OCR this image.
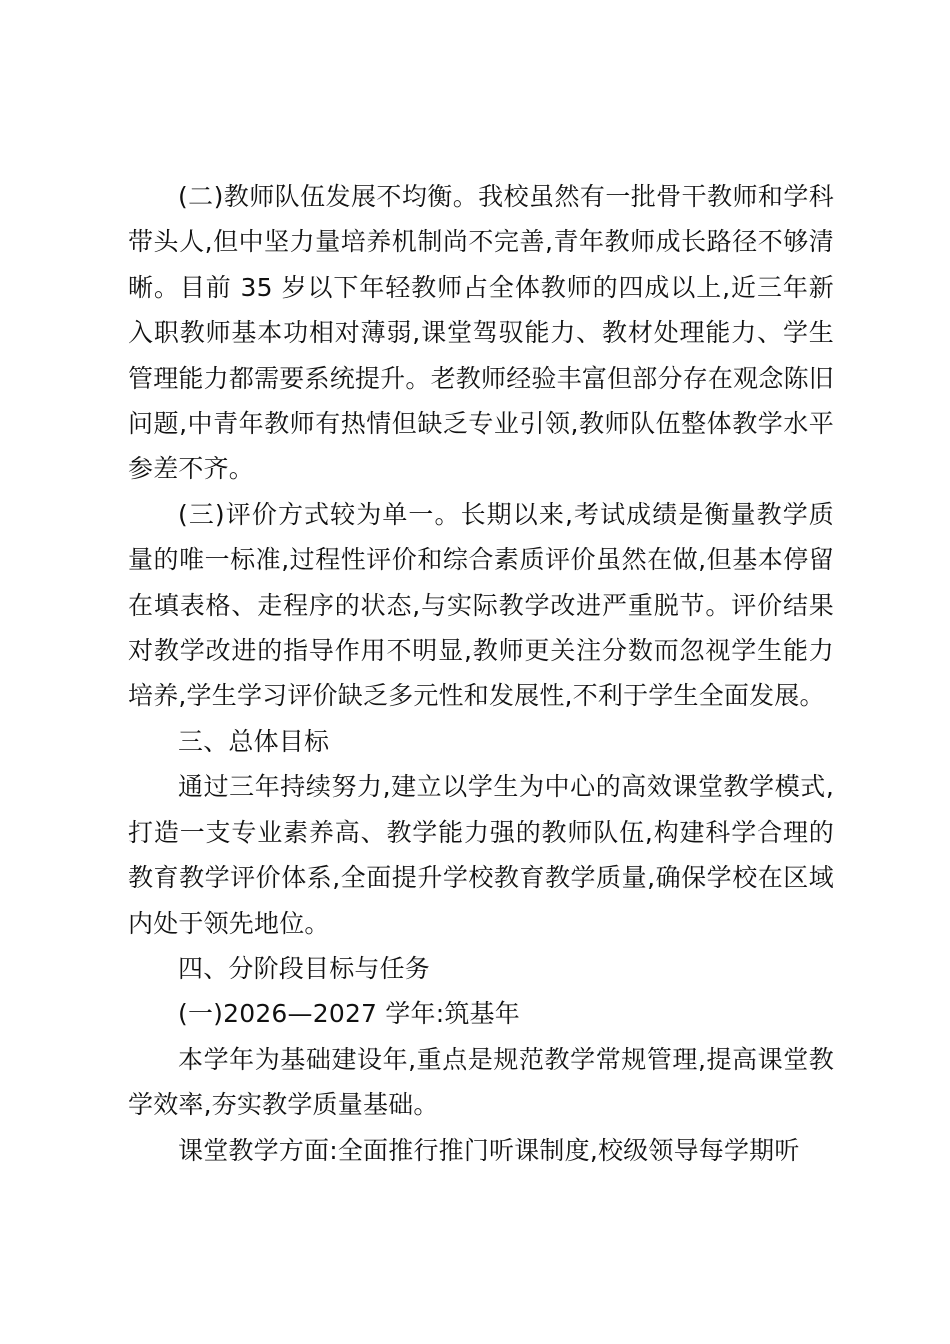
(二)教师队伍发展不均衡。我校虽然有一批骨干教师和学科带头人,但中坚力量培养机制尚不完善,青年教师成长路径不够清晰。目前 35 岁以下年轻教师占全体教师的四成以上,近三年新入职教师基本功相对薄弱,课堂驾驭能力、教材处理能力、学生管理能力都需要系统提升。老教师经验丰富但部分存在观念陈旧问题,中青年教师有热情但缺乏专业引领,教师队伍整体教学水平参差不齐。

(三)评价方式较为单一。长期以来,考试成绩是衡量教学质量的唯一标准,过程性评价和综合素质评价虽然在做,但基本停留在填表格、走程序的状态,与实际教学改进严重脱节。评价结果对教学改进的指导作用不明显,教师更关注分数而忽视学生能力培养,学生学习评价缺乏多元性和发展性,不利于学生全面发展。

三、总体目标

通过三年持续努力,建立以学生为中心的高效课堂教学模式,打造一支专业素养高、教学能力强的教师队伍,构建科学合理的教育教学评价体系,全面提升学校教育教学质量,确保学校在区域内处于领先地位。

四、分阶段目标与任务

(一)2026—2027 学年:筑基年

本学年为基础建设年,重点是规范教学常规管理,提高课堂教学效率,夯实教学质量基础。

课堂教学方面:全面推行推门听课制度,校级领导每学期听
